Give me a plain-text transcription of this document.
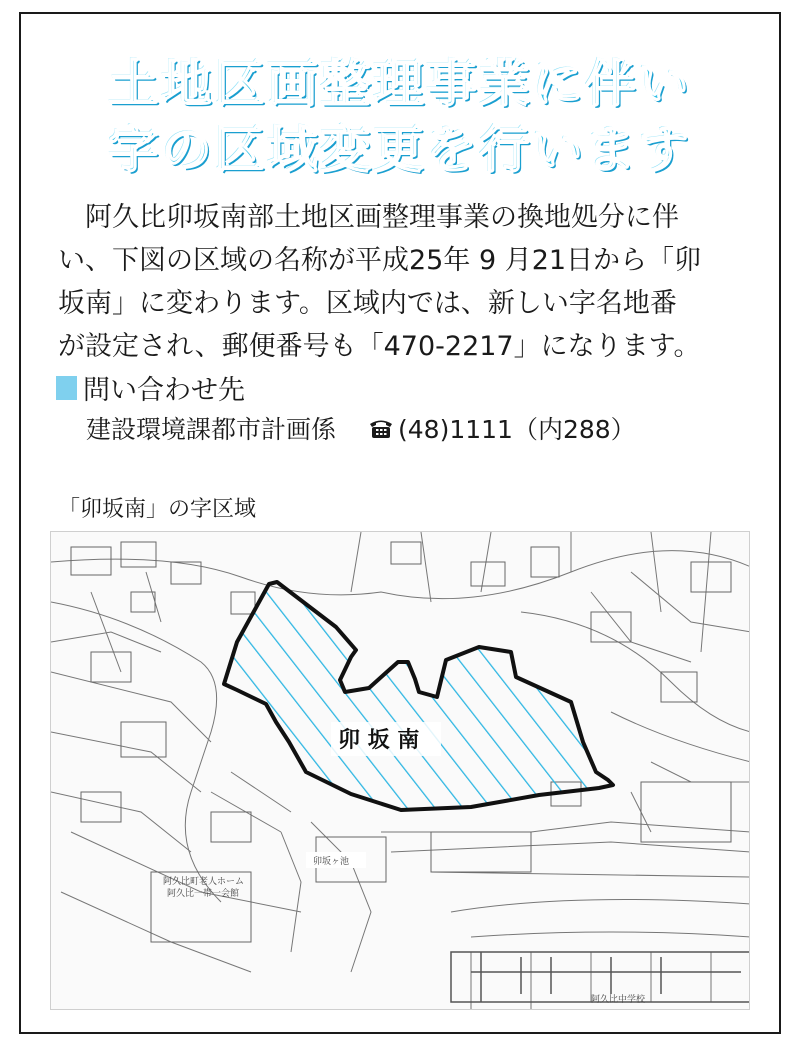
土地区画整理事業に伴い
字の区域変更を行います
阿久比卯坂南部土地区画整理事業の換地処分に伴
い、下図の区域の名称が平成25年 9 月21日から「卯
坂南」に変わります。区域内では、新しい字名地番
が設定され、郵便番号も「470-2217」になります。
問い合わせ先
建設環境課都市計画係 (48)1111（内288）
「卯坂南」の字区域
卯 坂 南
卯坂ヶ池
阿久比町老人ホーム
阿久比一帯一会館
阿久比中学校
